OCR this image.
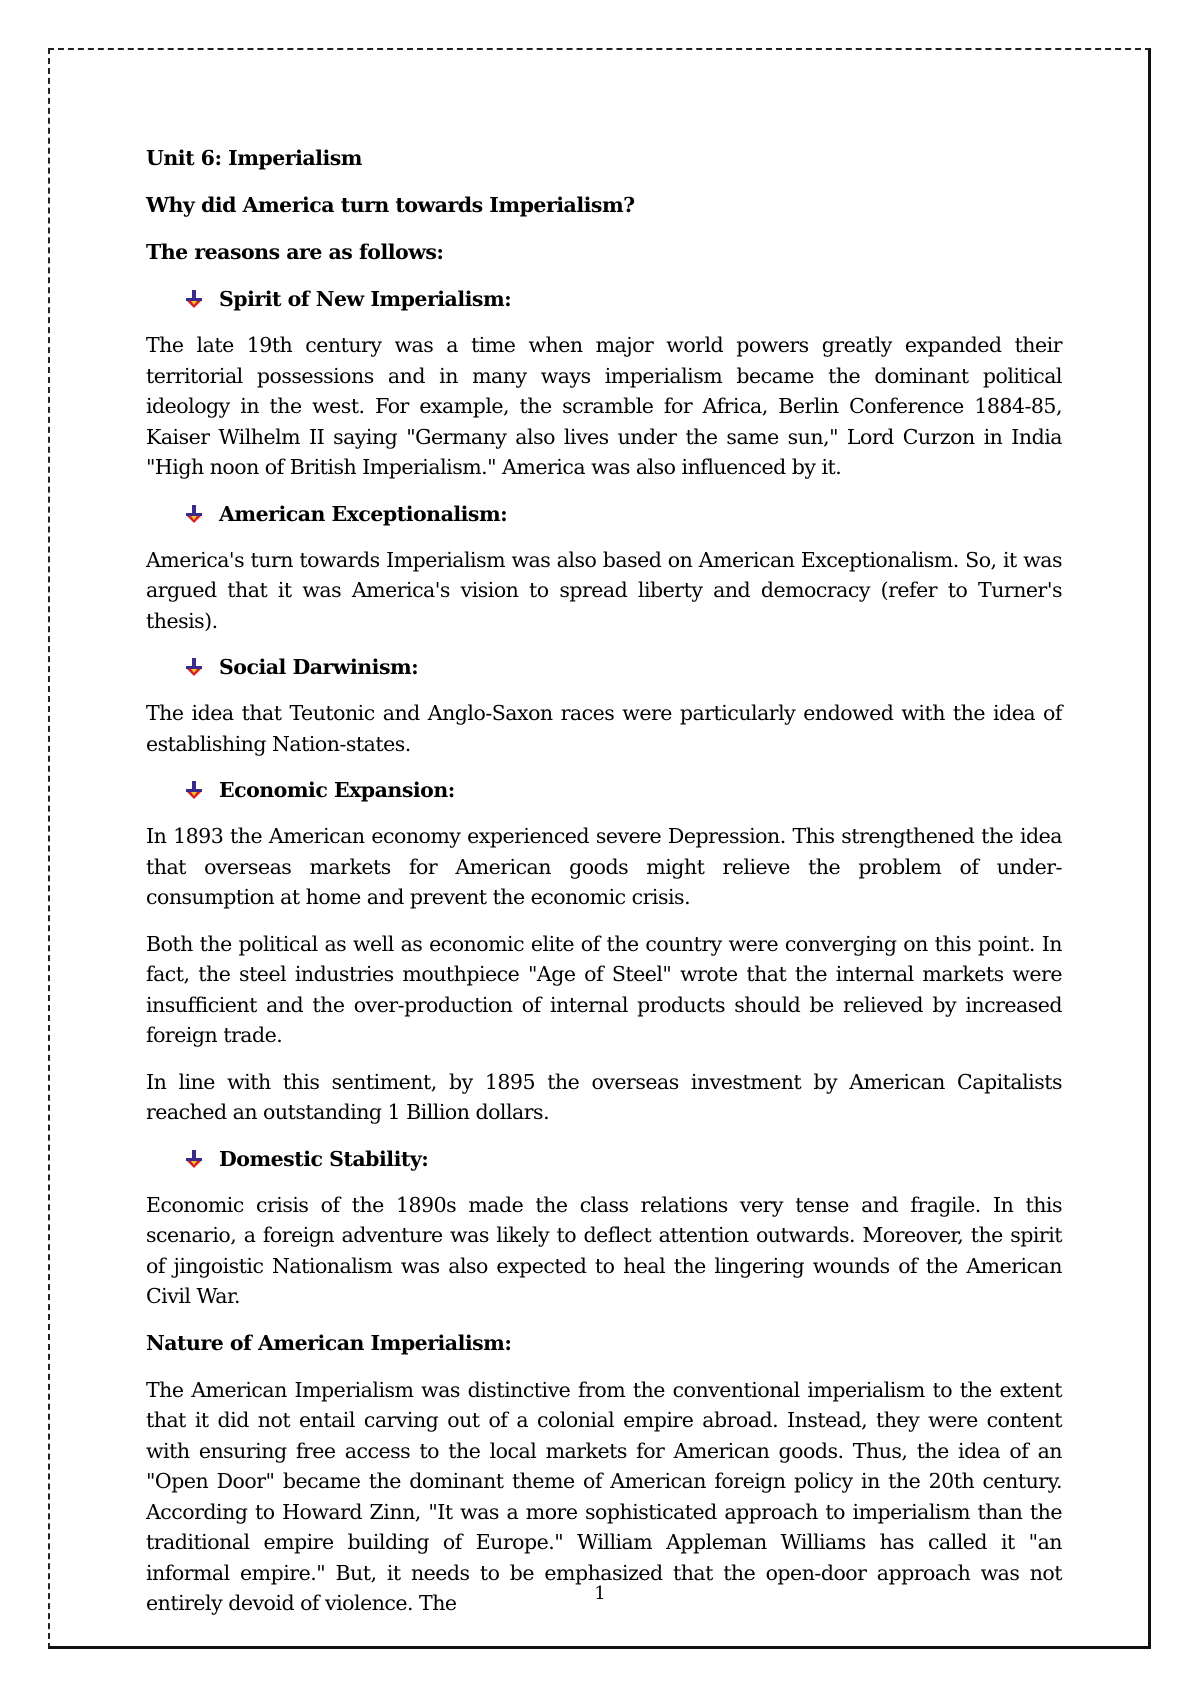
Unit 6: Imperialism
Why did America turn towards Imperialism?
The reasons are as follows:
Spirit of New Imperialism:

The late 19th century was a time when major world powers greatly expanded their territorial possessions and in many ways imperialism became the dominant political ideology in the west. For example, the scramble for Africa, Berlin Conference 1884-85, Kaiser Wilhelm II saying "Germany also lives under the same sun," Lord Curzon in India "High noon of British Imperialism." America was also influenced by it.

American Exceptionalism:

America's turn towards Imperialism was also based on American Exceptionalism. So, it was argued that it was America's vision to spread liberty and democracy (refer to Turner's thesis).

Social Darwinism:

The idea that Teutonic and Anglo-Saxon races were particularly endowed with the idea of establishing Nation-states.

Economic Expansion:

In 1893 the American economy experienced severe Depression. This strengthened the idea that overseas markets for American goods might relieve the problem of under- consumption at home and prevent the economic crisis.

Both the political as well as economic elite of the country were converging on this point. In fact, the steel industries mouthpiece "Age of Steel" wrote that the internal markets were insufficient and the over-production of internal products should be relieved by increased foreign trade.

In line with this sentiment, by 1895 the overseas investment by American Capitalists reached an outstanding 1 Billion dollars.

Domestic Stability:

Economic crisis of the 1890s made the class relations very tense and fragile. In this scenario, a foreign adventure was likely to deflect attention outwards. Moreover, the spirit of jingoistic Nationalism was also expected to heal the lingering wounds of the American Civil War.

Nature of American Imperialism:

The American Imperialism was distinctive from the conventional imperialism to the extent that it did not entail carving out of a colonial empire abroad. Instead, they were content with ensuring free access to the local markets for American goods. Thus, the idea of an "Open Door" became the dominant theme of American foreign policy in the 20th century. According to Howard Zinn, "It was a more sophisticated approach to imperialism than the traditional empire building of Europe." William Appleman Williams has called it "an informal empire." But, it needs to be emphasized that the open-door approach was not entirely devoid of violence. The	1
